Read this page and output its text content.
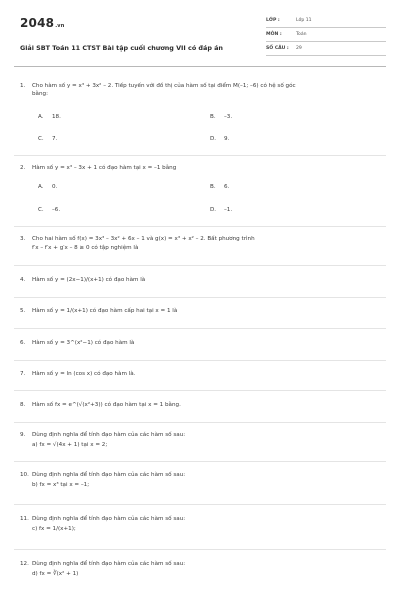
2048.vn
Giải SBT Toán 11 CTST Bài tập cuối chương VII có đáp án
LỚP :	Lớp 11
MÔN :	Toán
SỐ CÂU : 29
1. Cho hàm số y = x³ + 3x² – 2. Tiếp tuyến với đồ thị của hàm số tại điểm M(–1; –6) có hệ số góc
bằng:
A. 18.	B. –3.
C. 7.	D. 9.
2. Hàm số y = x³ – 3x + 1 có đạo hàm tại x = –1 bằng
A. 0.	B. 6.
C. –6.	D. –1.
3. Cho hai hàm số f(x) = 3x³ – 3x² + 6x – 1 và g(x) = x³ + x² – 2. Bất phương trình
f′x – f′x + g′x – 8 ≥ 0 có tập nghiệm là
4. Hàm số y = (2x−1)/(x+1) có đạo hàm là
5. Hàm số y = 1/(x+1) có đạo hàm cấp hai tại x = 1 là
6. Hàm số y = 3^(x²−1) có đạo hàm là
7. Hàm số y = ln (cos x) có đạo hàm là.
8. Hàm số fx = e^(√(x²+3)) có đạo hàm tại x = 1 bằng.
9. Dùng định nghĩa để tính đạo hàm của các hàm số sau:
a) fx = √(4x + 1) tại x = 2;
10. Dùng định nghĩa để tính đạo hàm của các hàm số sau:
b) fx = x³ tại x = –1;
11. Dùng định nghĩa để tính đạo hàm của các hàm số sau:
c) fx = 1/(x+1);
12. Dùng định nghĩa để tính đạo hàm của các hàm số sau:
d) fx = ∛(x² + 1)
